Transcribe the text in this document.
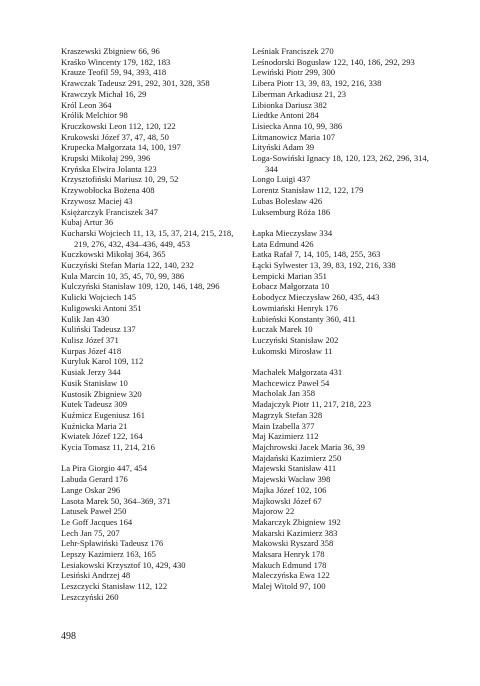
Kraszewski Zbigniew 66, 96
Kraśko Wincenty 179, 182, 183
Krauze Teofil 59, 94, 393, 418
Krawczak Tadeusz 291, 292, 301, 328, 358
Krawczyk Michał 16, 29
Król Leon 364
Królik Melchior 98
Kruczkowski Leon 112, 120, 122
Krukowski Józef 37, 47, 48, 50
Krupecka Małgorzata 14, 100, 197
Krupski Mikołaj 299, 396
Kryńska Elwira Jolanta 123
Krzysztofiński Mariusz 10, 29, 52
Krzywobłocka Bożena 408
Krzywosz Maciej 43
Księżarczyk Franciszek 347
Kubaj Artur 36
Kucharski Wojciech 11, 13, 15, 37, 214, 215, 218, 219, 276, 432, 434–436, 449, 453
Kuczkowski Mikołaj 364, 365
Kuczyński Stefan Maria 122, 140, 232
Kula Marcin 10, 35, 45, 70, 99, 386
Kulczyński Stanisław 109, 120, 146, 148, 296
Kulicki Wojciech 145
Kuligowski Antoni 351
Kulik Jan 430
Kuliński Tadeusz 137
Kulisz Józef 371
Kurpas Józef 418
Kuryluk Karol 109, 112
Kusiak Jerzy 344
Kusik Stanisław 10
Kustosik Zbigniew 320
Kutek Tadeusz 309
Kuźmicz Eugeniusz 161
Kuźnicka Maria 21
Kwiatek Józef 122, 164
Kycia Tomasz 11, 214, 216
La Pira Giorgio 447, 454
Labuda Gerard 176
Lange Oskar 296
Lasota Marek 50, 364–369, 371
Latusek Paweł 250
Le Goff Jacques 164
Lech Jan 75, 207
Lehr-Spławiński Tadeusz 176
Lepszy Kazimierz 163, 165
Lesiakowski Krzysztof 10, 429, 430
Lesiński Andrzej 48
Leszczycki Stanisław 112, 122
Leszczyński 260
Leśniak Franciszek 270
Leśnodorski Bogusław 122, 140, 186, 292, 293
Lewiński Piotr 299, 300
Libera Piotr 13, 39, 83, 192, 216, 338
Liberman Arkadiusz 21, 23
Libionka Dariusz 382
Liedtke Antoni 284
Lisiecka Anna 10, 99, 386
Litmanowicz Maria 107
Lityński Adam 39
Loga-Sowiński Ignacy 18, 120, 123, 262, 296, 314, 344
Longo Luigi 437
Lorentz Stanisław 112, 122, 179
Lubas Bolesław 426
Luksemburg Róża 186
Łapka Mieczysław 334
Łata Edmund 426
Łatka Rafał 7, 14, 105, 148, 255, 363
Łącki Sylwester 13, 39, 83, 192, 216, 338
Łempicki Marian 351
Łobacz Małgorzata 10
Łobodycz Mieczysław 260, 435, 443
Łowmiański Henryk 176
Łubieński Konstanty 360, 411
Łuczak Marek 10
Łuczyński Stanisław 202
Łukomski Mirosław 11
Machałek Małgorzata 431
Machcewicz Paweł 54
Macholak Jan 358
Madajczyk Piotr 11, 217, 218, 223
Magrzyk Stefan 328
Main Izabella 377
Maj Kazimierz 112
Majchrowski Jacek Maria 36, 39
Majdański Kazimierz 250
Majewski Stanisław 411
Majewski Wacław 398
Majka Józef 102, 106
Majkowski Józef 67
Majorow 22
Makarczyk Zbigniew 192
Makarski Kazimierz 383
Makowski Ryszard 358
Maksara Henryk 178
Makuch Edmund 178
Maleczyńska Ewa 122
Malej Witold 97, 100
498
